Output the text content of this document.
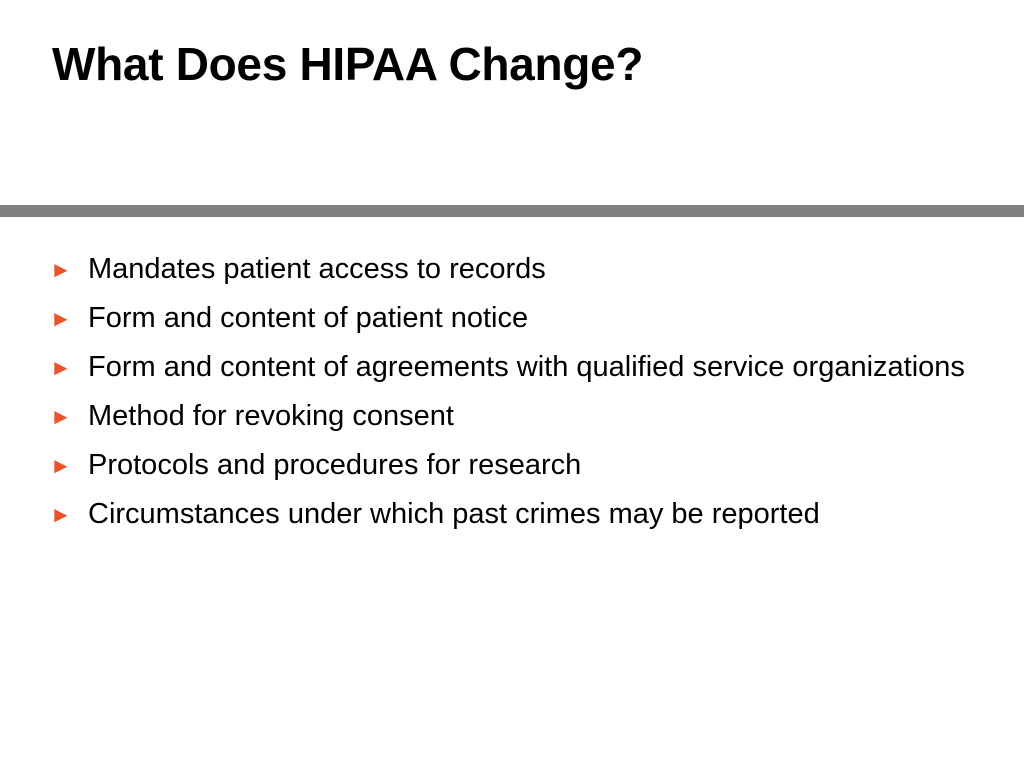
What Does HIPAA Change?
► Mandates patient access to records
► Form and content of patient notice
► Form and content of agreements with qualified service organizations
► Method for revoking consent
► Protocols and procedures for research
► Circumstances under which past crimes may be reported
